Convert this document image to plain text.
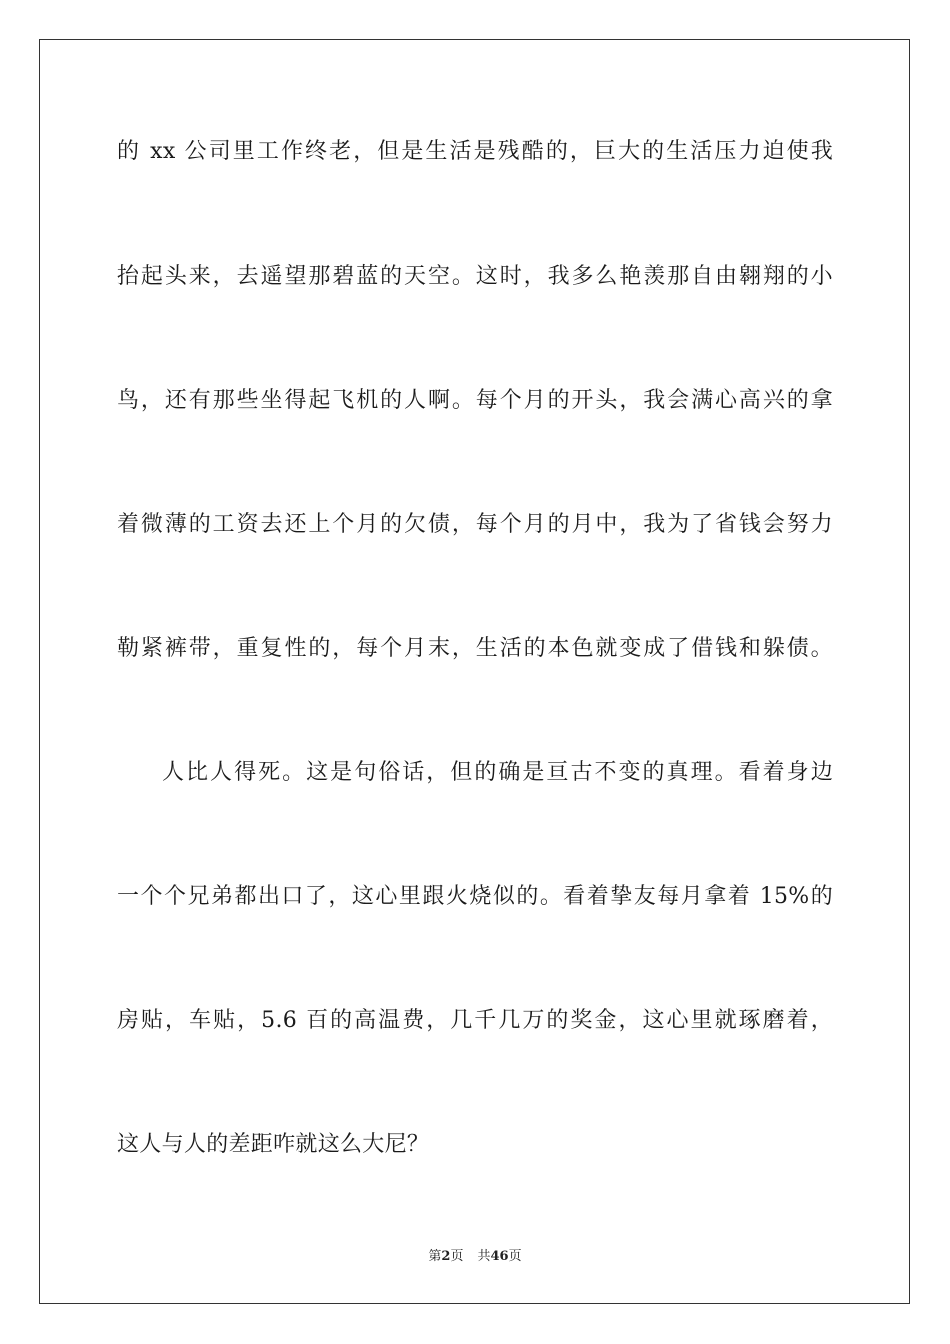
的 xx 公司里工作终老，但是生活是残酷的，巨大的生活压力迫使我
抬起头来，去遥望那碧蓝的天空。这时，我多么艳羡那自由翱翔的小
鸟，还有那些坐得起飞机的人啊。每个月的开头，我会满心高兴的拿
着微薄的工资去还上个月的欠债，每个月的月中，我为了省钱会努力
勒紧裤带，重复性的，每个月末，生活的本色就变成了借钱和躲债。
人比人得死。这是句俗话，但的确是亘古不变的真理。看着身边
一个个兄弟都出口了，这心里跟火烧似的。看着挚友每月拿着 15%的
房贴，车贴，5.6 百的高温费，几千几万的奖金，这心里就琢磨着，
这人与人的差距咋就这么大尼？
第2页 共46页
